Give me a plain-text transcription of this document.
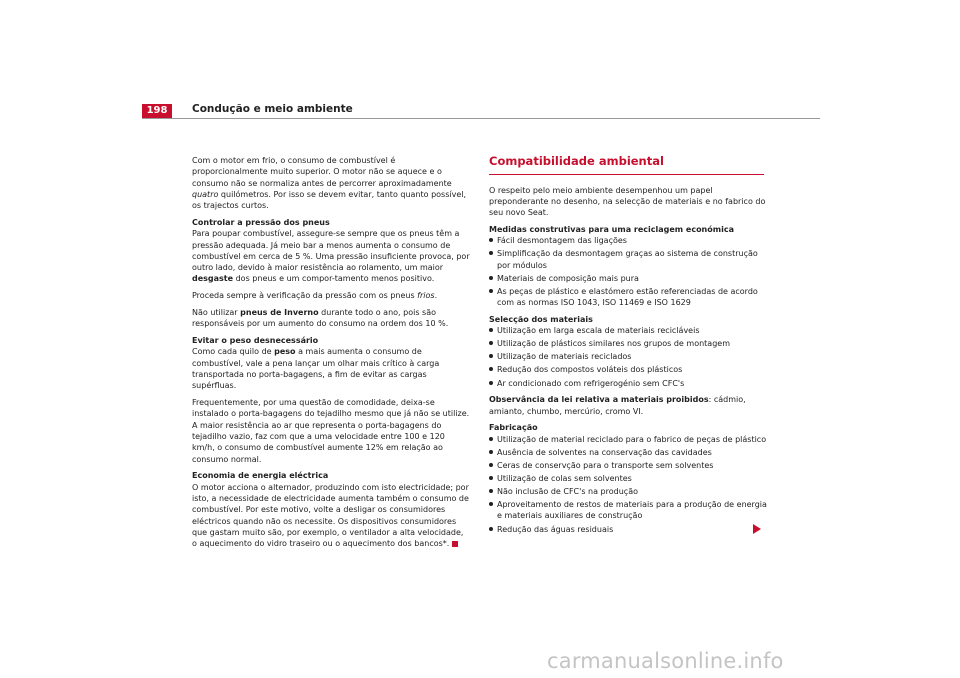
198	Condução e meio ambiente

Com o motor em frio, o consumo de combustível é proporcionalmente muito superior. O motor não se aquece e o consumo não se normaliza antes de percorrer aproximadamente quatro quilómetros. Por isso se devem evitar, tanto quanto possível, os trajectos curtos.

Controlar a pressão dos pneus

Para poupar combustível, assegure-se sempre que os pneus têm a pressão adequada. Já meio bar a menos aumenta o consumo de combustível em cerca de 5 %. Uma pressão insuficiente provoca, por outro lado, devido à maior resistência ao rolamento, um maior desgaste dos pneus e um compor-tamento menos positivo.

Proceda sempre à verificação da pressão com os pneus frios.

Não utilizar pneus de Inverno durante todo o ano, pois são responsáveis por um aumento do consumo na ordem dos 10 %.

Evitar o peso desnecessário

Como cada quilo de peso a mais aumenta o consumo de combustível, vale a pena lançar um olhar mais crítico à carga transportada no porta-bagagens, a fim de evitar as cargas supérfluas.

Frequentemente, por uma questão de comodidade, deixa-se instalado o porta-bagagens do tejadilho mesmo que já não se utilize. A maior resistência ao ar que representa o porta-bagagens do tejadilho vazio, faz com que a uma velocidade entre 100 e 120 km/h, o consumo de combustível aumente 12% em relação ao consumo normal.

Economia de energia eléctrica

O motor acciona o alternador, produzindo com isto electricidade; por isto, a necessidade de electricidade aumenta também o consumo de combustível. Por este motivo, volte a desligar os consumidores eléctricos quando não os necessite. Os dispositivos consumidores que gastam muito são, por exemplo, o ventilador a alta velocidade, o aquecimento do vidro traseiro ou o aquecimento dos bancos*.

Compatibilidade ambiental

O respeito pelo meio ambiente desempenhou um papel preponderante no desenho, na selecção de materiais e no fabrico do seu novo Seat.

Medidas construtivas para uma reciclagem económica

Fácil desmontagem das ligações
Simplificação da desmontagem graças ao sistema de construção por módulos
Materiais de composição mais pura
As peças de plástico e elastómero estão referenciadas de acordo com as normas ISO 1043, ISO 11469 e ISO 1629

Selecção dos materiais

Utilização em larga escala de materiais recicláveis
Utilização de plásticos similares nos grupos de montagem
Utilização de materiais reciclados
Redução dos compostos voláteis dos plásticos
Ar condicionado com refrigerogénio sem CFC's

Observância da lei relativa a materiais proibidos: cádmio, amianto, chumbo, mercúrio, cromo VI.

Fabricação

Utilização de material reciclado para o fabrico de peças de plástico
Ausência de solventes na conservação das cavidades
Ceras de conservção para o transporte sem solventes
Utilização de colas sem solventes
Não inclusão de CFC's na produção
Aproveitamento de restos de materiais para a produção de energia e materiais auxiliares de construção
Redução das águas residuais
carmanualsonline.info
